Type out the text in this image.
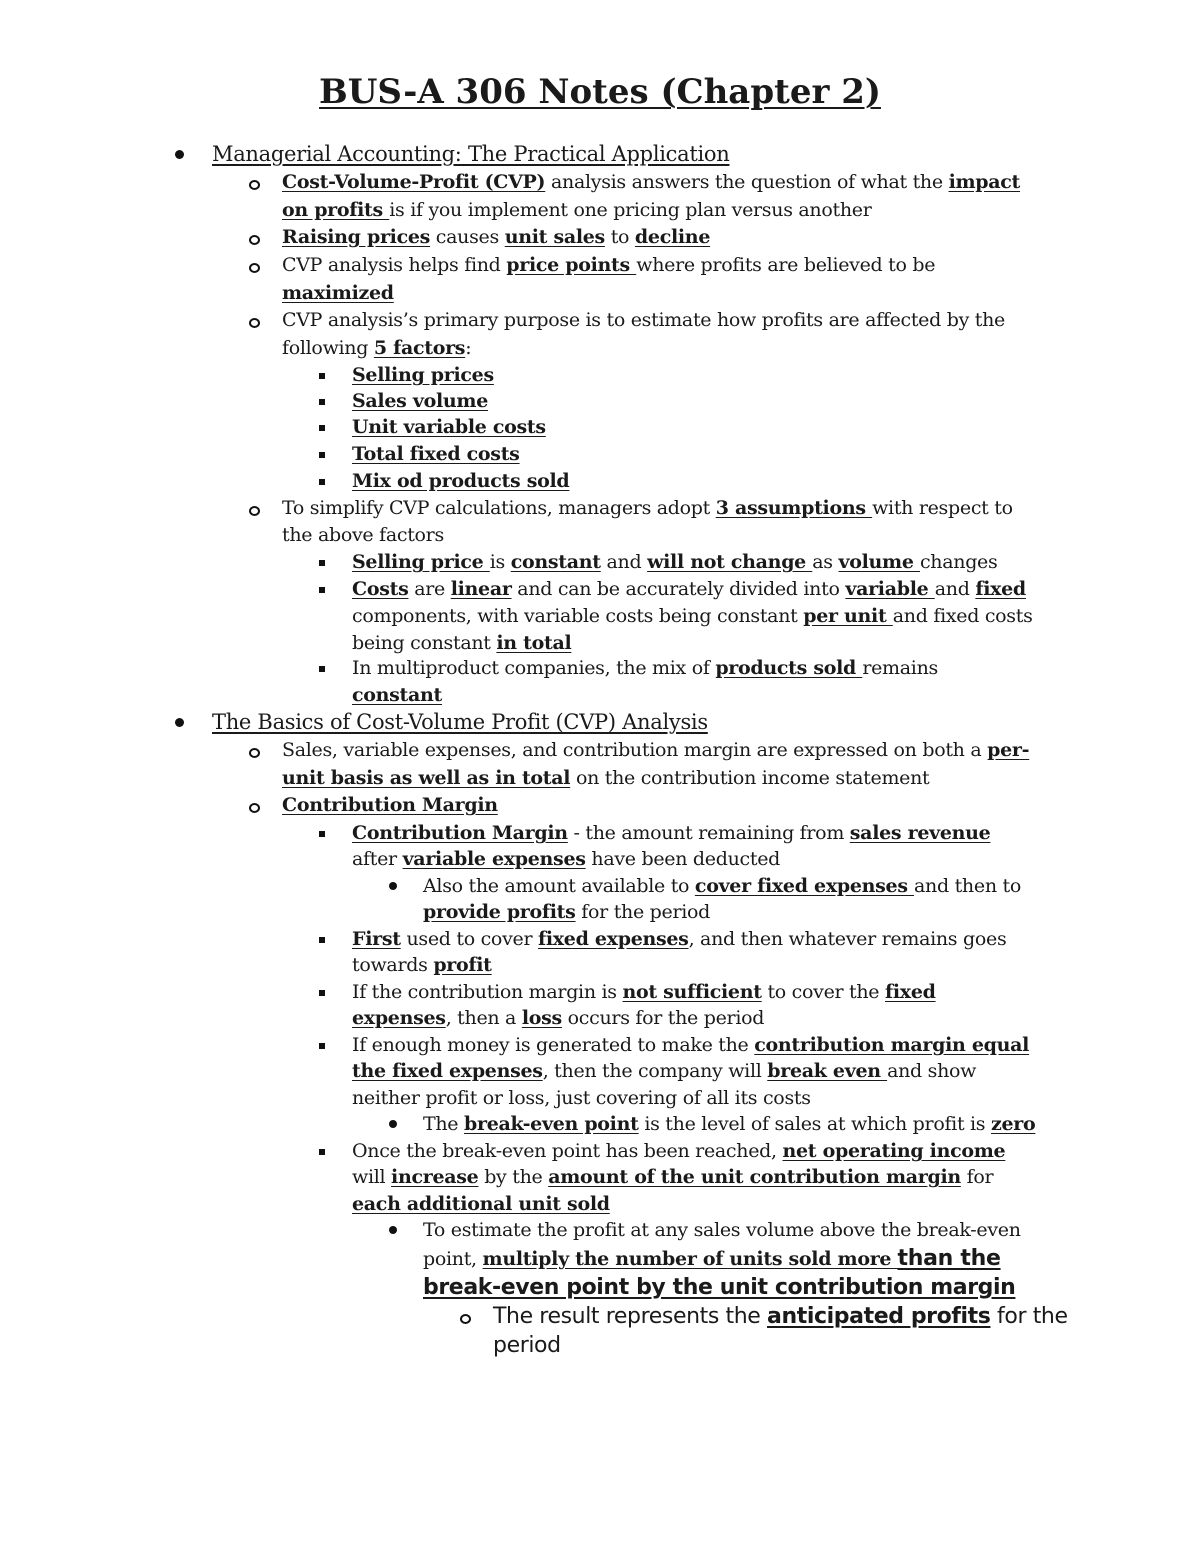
BUS-A 306 Notes (Chapter 2)
Managerial Accounting: The Practical Application
Cost-Volume-Profit (CVP) analysis answers the question of what the impact
on profits is if you implement one pricing plan versus another
Raising prices causes unit sales to decline
CVP analysis helps find price points where profits are believed to be
maximized
CVP analysis’s primary purpose is to estimate how profits are affected by the
following 5 factors:
Selling prices
Sales volume
Unit variable costs
Total fixed costs
Mix od products sold
To simplify CVP calculations, managers adopt 3 assumptions with respect to
the above factors
Selling price is constant and will not change as volume changes
Costs are linear and can be accurately divided into variable and fixed
components, with variable costs being constant per unit and fixed costs
being constant in total
In multiproduct companies, the mix of products sold remains
constant
The Basics of Cost-Volume Profit (CVP) Analysis
Sales, variable expenses, and contribution margin are expressed on both a per-
unit basis as well as in total on the contribution income statement
Contribution Margin
Contribution Margin - the amount remaining from sales revenue
after variable expenses have been deducted
Also the amount available to cover fixed expenses and then to
provide profits for the period
First used to cover fixed expenses, and then whatever remains goes
towards profit
If the contribution margin is not sufficient to cover the fixed
expenses, then a loss occurs for the period
If enough money is generated to make the contribution margin equal
the fixed expenses, then the company will break even and show
neither profit or loss, just covering of all its costs
The break-even point is the level of sales at which profit is zero
Once the break-even point has been reached, net operating income
will increase by the amount of the unit contribution margin for
each additional unit sold
To estimate the profit at any sales volume above the break-even
point, multiply the number of units sold more than the
break-even point by the unit contribution margin
The result represents the anticipated profits for the
period
